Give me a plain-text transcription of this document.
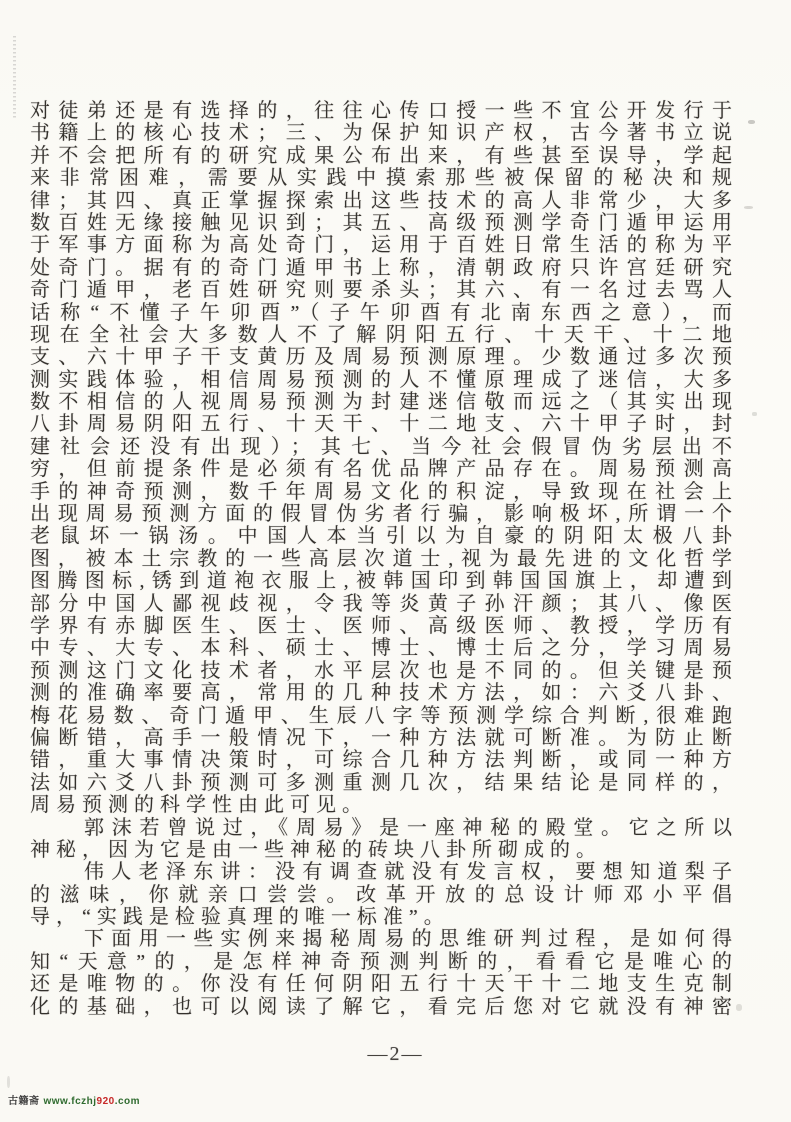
对徒弟还是有选择的，往往心传口授一些不宜公开发行于
书籍上的核心技术；三、为保护知识产权，古今著书立说
并不会把所有的研究成果公布出来，有些甚至误导，学起
来非常困难，需要从实践中摸索那些被保留的秘决和规
律；其四、真正掌握探索出这些技术的高人非常少，大多
数百姓无缘接触见识到；其五、高级预测学奇门遁甲运用
于军事方面称为高处奇门，运用于百姓日常生活的称为平
处奇门。据有的奇门遁甲书上称，清朝政府只许宫廷研究
奇门遁甲，老百姓研究则要杀头；其六、有一名过去骂人
话称“不懂子午卯酉”（子午卯酉有北南东西之意），而
现在全社会大多数人不了解阴阳五行、十天干、十二地
支、六十甲子干支黄历及周易预测原理。少数通过多次预
测实践体验，相信周易预测的人不懂原理成了迷信，大多
数不相信的人视周易预测为封建迷信敬而远之（其实出现
八卦周易阴阳五行、十天干、十二地支、六十甲子时，封
建社会还没有出现）；其七、当今社会假冒伪劣层出不
穷，但前提条件是必须有名优品牌产品存在。周易预测高
手的神奇预测，数千年周易文化的积淀，导致现在社会上
出现周易预测方面的假冒伪劣者行骗，影响极坏,所谓一个
老鼠坏一锅汤。中国人本当引以为自豪的阴阳太极八卦
图，被本土宗教的一些高层次道士,视为最先进的文化哲学
图腾图标,锈到道袍衣服上,被韩国印到韩国国旗上，却遭到
部分中国人鄙视歧视，令我等炎黄子孙汗颜；其八、像医
学界有赤脚医生、医士、医师、高级医师、教授，学历有
中专、大专、本科、硕士、博士、博士后之分，学习周易
预测这门文化技术者，水平层次也是不同的。但关键是预
测的准确率要高，常用的几种技术方法，如：六爻八卦、
梅花易数、奇门遁甲、生辰八字等预测学综合判断,很难跑
偏断错，高手一般情况下，一种方法就可断准。为防止断
错，重大事情决策时，可综合几种方法判断，或同一种方
法如六爻八卦预测可多测重测几次，结果结论是同样的，
周易预测的科学性由此可见。
郭沫若曾说过，《周易》是一座神秘的殿堂。它之所以
神秘，因为它是由一些神秘的砖块八卦所砌成的。
伟人老泽东讲：没有调查就没有发言权，要想知道梨子
的滋味，你就亲口尝尝。改革开放的总设计师邓小平倡
导，“实践是检验真理的唯一标准”。
下面用一些实例来揭秘周易的思维研判过程，是如何得
知“天意”的，是怎样神奇预测判断的，看看它是唯心的
还是唯物的。你没有任何阴阳五行十天干十二地支生克制
化的基础，也可以阅读了解它，看完后您对它就没有神密
—2—
古籍斋 www.fczhj920.com
